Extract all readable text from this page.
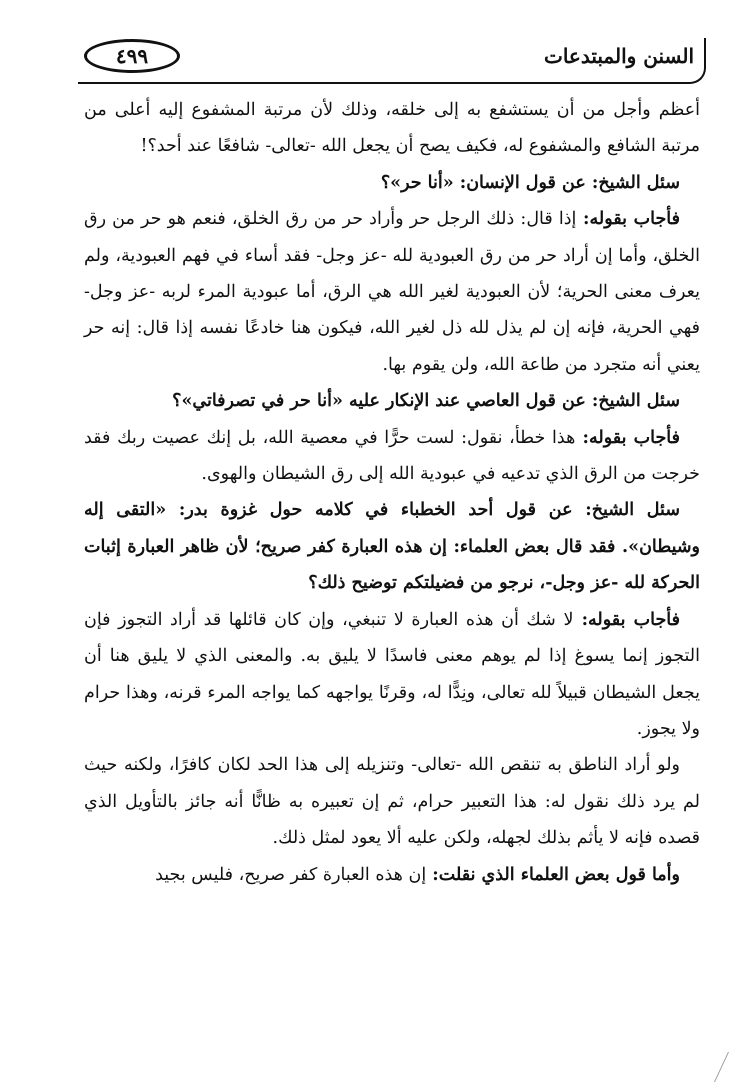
السنن والمبتدعات
٤٩٩

أعظم وأجل من أن يستشفع به إلى خلقه، وذلك لأن مرتبة المشفوع إليه أعلى من مرتبة الشافع والمشفوع له، فكيف يصح أن يجعل الله -تعالى- شافعًا عند أحد؟!

سئل الشيخ: عن قول الإنسان: «أنا حر»؟

فأجاب بقوله: إذا قال: ذلك الرجل حر وأراد حر من رق الخلق، فنعم هو حر من رق الخلق، وأما إن أراد حر من رق العبودية لله -عز وجل- فقد أساء في فهم العبودية، ولم يعرف معنى الحرية؛ لأن العبودية لغير الله هي الرق، أما عبودية المرء لربه -عز وجل- فهي الحرية، فإنه إن لم يذل لله ذل لغير الله، فيكون هنا خادعًا نفسه إذا قال: إنه حر يعني أنه متجرد من طاعة الله، ولن يقوم بها.

سئل الشيخ: عن قول العاصي عند الإنكار عليه «أنا حر في تصرفاتي»؟

فأجاب بقوله: هذا خطأ، نقول: لست حرًّا في معصية الله، بل إنك عصيت ربك فقد خرجت من الرق الذي تدعيه في عبودية الله إلى رق الشيطان والهوى.

سئل الشيخ: عن قول أحد الخطباء في كلامه حول غزوة بدر: «التقى إله وشيطان». فقد قال بعض العلماء: إن هذه العبارة كفر صريح؛ لأن ظاهر العبارة إثبات الحركة لله -عز وجل-، نرجو من فضيلتكم توضيح ذلك؟

فأجاب بقوله: لا شك أن هذه العبارة لا تنبغي، وإن كان قائلها قد أراد التجوز فإن التجوز إنما يسوغ إذا لم يوهم معنى فاسدًا لا يليق به. والمعنى الذي لا يليق هنا أن يجعل الشيطان قبيلاً لله تعالى، ونِدًّا له، وقرنًا يواجهه كما يواجه المرء قرنه، وهذا حرام ولا يجوز.

ولو أراد الناطق به تنقص الله -تعالى- وتنزيله إلى هذا الحد لكان كافرًا، ولكنه حيث لم يرد ذلك نقول له: هذا التعبير حرام، ثم إن تعبيره به ظانًّا أنه جائز بالتأويل الذي قصده فإنه لا يأثم بذلك لجهله، ولكن عليه ألا يعود لمثل ذلك.

وأما قول بعض العلماء الذي نقلت: إن هذه العبارة كفر صريح، فليس بجيد
